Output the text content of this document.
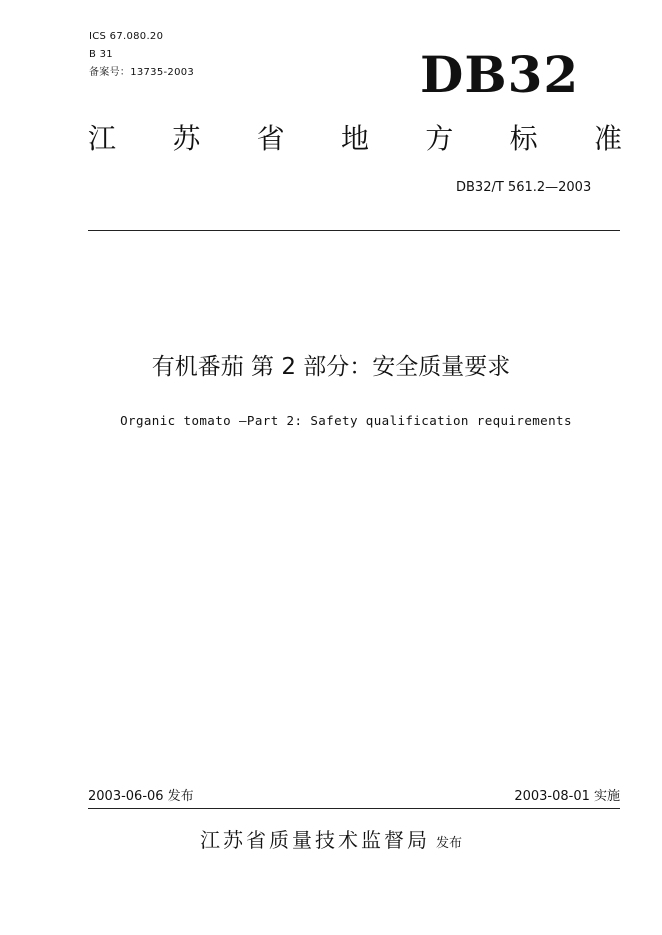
ICS 67.080.20
B 31
备案号：13735-2003	DB32
江 苏 省 地 方 标 准
DB32/T 561.2—2003
有机番茄 第 2 部分：安全质量要求
Organic tomato —Part 2: Safety qualification requirements
2003-06-06 发布	2003-08-01 实施
江苏省质量技术监督局 发布
